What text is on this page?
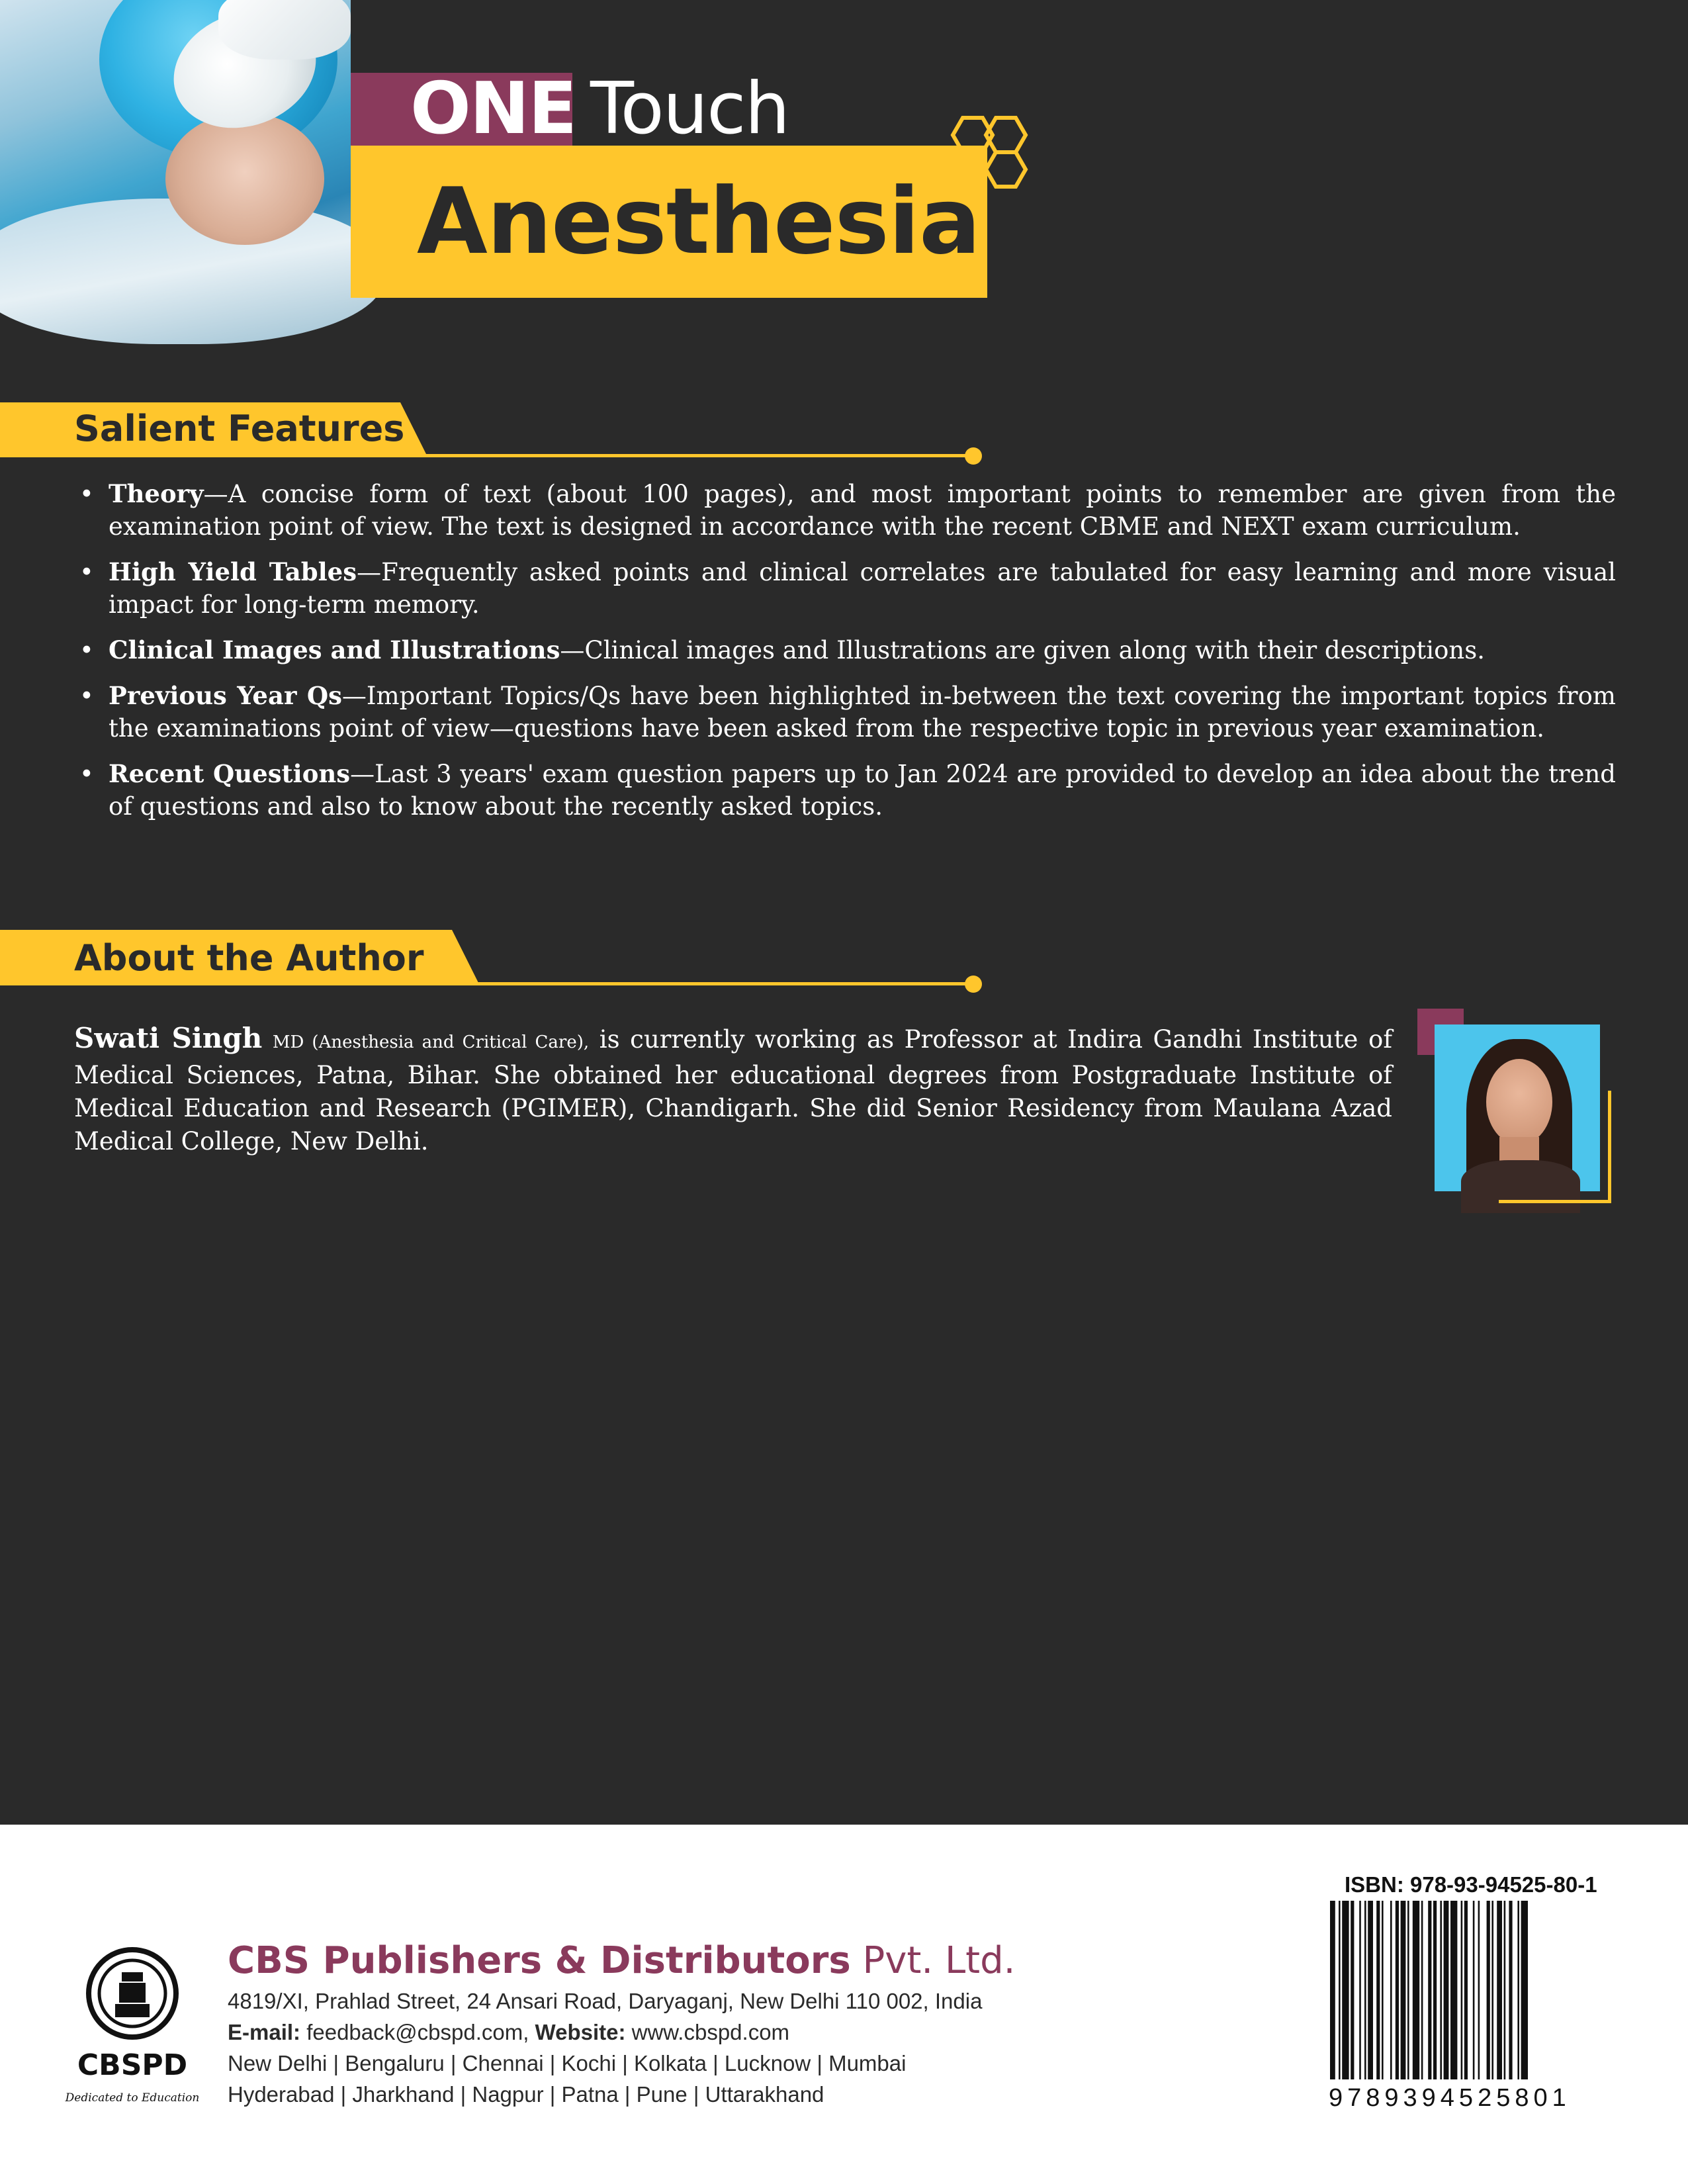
ONE Touch
Anesthesia
Salient Features
• Theory—A concise form of text (about 100 pages), and most important points to remember are given from the examination point of view. The text is designed in accordance with the recent CBME and NEXT exam curriculum.
• High Yield Tables—Frequently asked points and clinical correlates are tabulated for easy learning and more visual impact for long-term memory.
• Clinical Images and Illustrations—Clinical images and Illustrations are given along with their descriptions.
• Previous Year Qs—Important Topics/Qs have been highlighted in-between the text covering the important topics from the examinations point of view—questions have been asked from the respective topic in previous year examination.
• Recent Questions—Last 3 years' exam question papers up to Jan 2024 are provided to develop an idea about the trend of questions and also to know about the recently asked topics.
About the Author

Swati Singh MD (Anesthesia and Critical Care), is currently working as Professor at Indira Gandhi Institute of Medical Sciences, Patna, Bihar. She obtained her educational degrees from Postgraduate Institute of Medical Education and Research (PGIMER), Chandigarh. She did Senior Residency from Maulana Azad Medical College, New Delhi.

CBSPD
Dedicated to Education
CBS Publishers & Distributors Pvt. Ltd.
4819/XI, Prahlad Street, 24 Ansari Road, Daryaganj, New Delhi 110 002, India
E-mail: feedback@cbspd.com, Website: www.cbspd.com
New Delhi | Bengaluru | Chennai | Kochi | Kolkata | Lucknow | Mumbai
Hyderabad | Jharkhand | Nagpur | Patna | Pune | Uttarakhand
ISBN: 978-93-94525-80-1
9789394525801
